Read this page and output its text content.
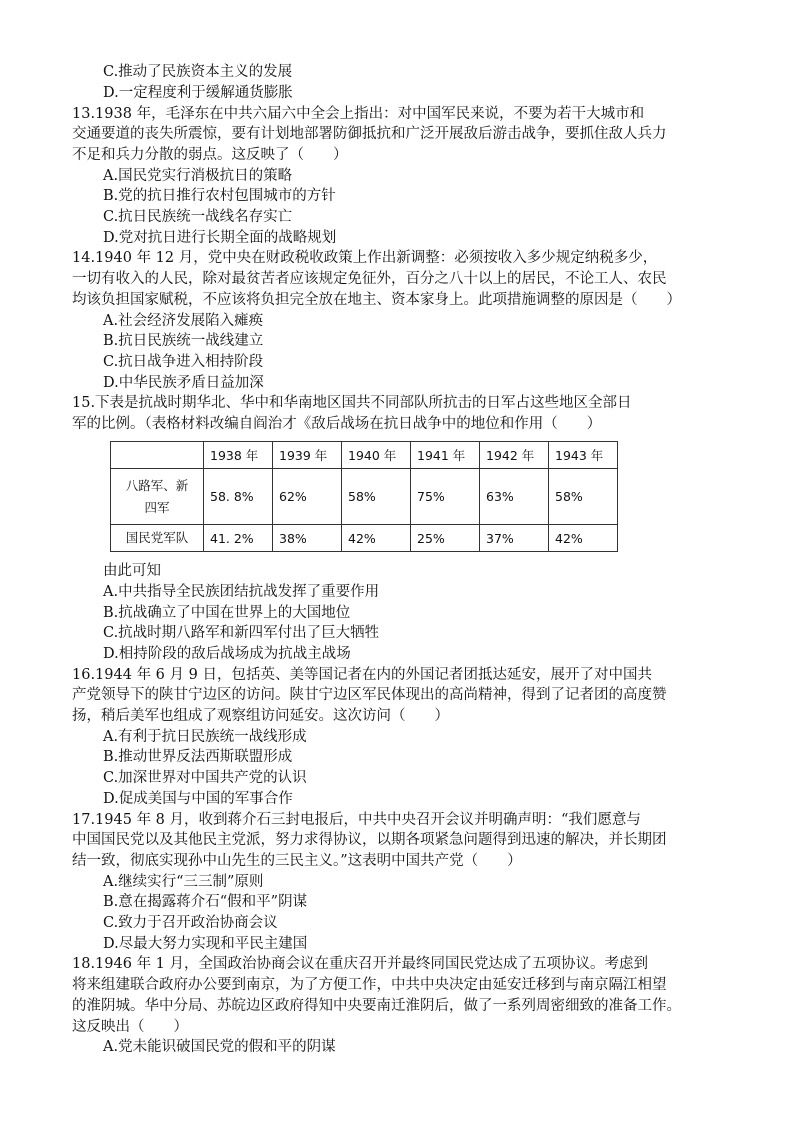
C.推动了民族资本主义的发展
D.一定程度利于缓解通货膨胀
13.1938 年，毛泽东在中共六届六中全会上指出：对中国军民来说，不要为若干大城市和
交通要道的丧失所震惊，要有计划地部署防御抵抗和广泛开展敌后游击战争，要抓住敌人兵力
不足和兵力分散的弱点。这反映了（　　）
A.国民党实行消极抗日的策略
B.党的抗日推行农村包围城市的方针
C.抗日民族统一战线名存实亡
D.党对抗日进行长期全面的战略规划
14.1940 年 12 月，党中央在财政税收政策上作出新调整：必须按收入多少规定纳税多少，
一切有收入的人民，除对最贫苦者应该规定免征外，百分之八十以上的居民，不论工人、农民
均该负担国家赋税，不应该将负担完全放在地主、资本家身上。此项措施调整的原因是（　　）
A.社会经济发展陷入瘫痪
B.抗日民族统一战线建立
C.抗日战争进入相持阶段
D.中华民族矛盾日益加深
15.下表是抗战时期华北、华中和华南地区国共不同部队所抗击的日军占这些地区全部日
军的比例。（表格材料改编自阎治才《敌后战场在抗日战争中的地位和作用（　　）
由此可知
A.中共指导全民族团结抗战发挥了重要作用
B.抗战确立了中国在世界上的大国地位
C.抗战时期八路军和新四军付出了巨大牺牲
D.相持阶段的敌后战场成为抗战主战场
16.1944 年 6 月 9 日，包括英、美等国记者在内的外国记者团抵达延安，展开了对中国共
产党领导下的陕甘宁边区的访问。陕甘宁边区军民体现出的高尚精神，得到了记者团的高度赞
扬，稍后美军也组成了观察组访问延安。这次访问（　　）
A.有利于抗日民族统一战线形成
B.推动世界反法西斯联盟形成
C.加深世界对中国共产党的认识
D.促成美国与中国的军事合作
17.1945 年 8 月，收到蒋介石三封电报后，中共中央召开会议并明确声明：“我们愿意与
中国国民党以及其他民主党派，努力求得协议，以期各项紧急问题得到迅速的解决，并长期团
结一致，彻底实现孙中山先生的三民主义。”这表明中国共产党（　　）
A.继续实行“三三制”原则
B.意在揭露蒋介石“假和平”阴谋
C.致力于召开政治协商会议
D.尽最大努力实现和平民主建国
18.1946 年 1 月，全国政治协商会议在重庆召开并最终同国民党达成了五项协议。考虑到
将来组建联合政府办公要到南京，为了方便工作，中共中央决定由延安迁移到与南京隔江相望
的淮阴城。华中分局、苏皖边区政府得知中央要南迁淮阴后，做了一系列周密细致的准备工作。
这反映出（　　）
A.党未能识破国民党的假和平的阴谋
	1938 年	1939 年	1940 年	1941 年	1942 年	1943 年

八路军、新
四军	58. 8%	62%	58%	75%	63%	58%

国民党军队	41. 2%	38%	42%	25%	37%	42%
